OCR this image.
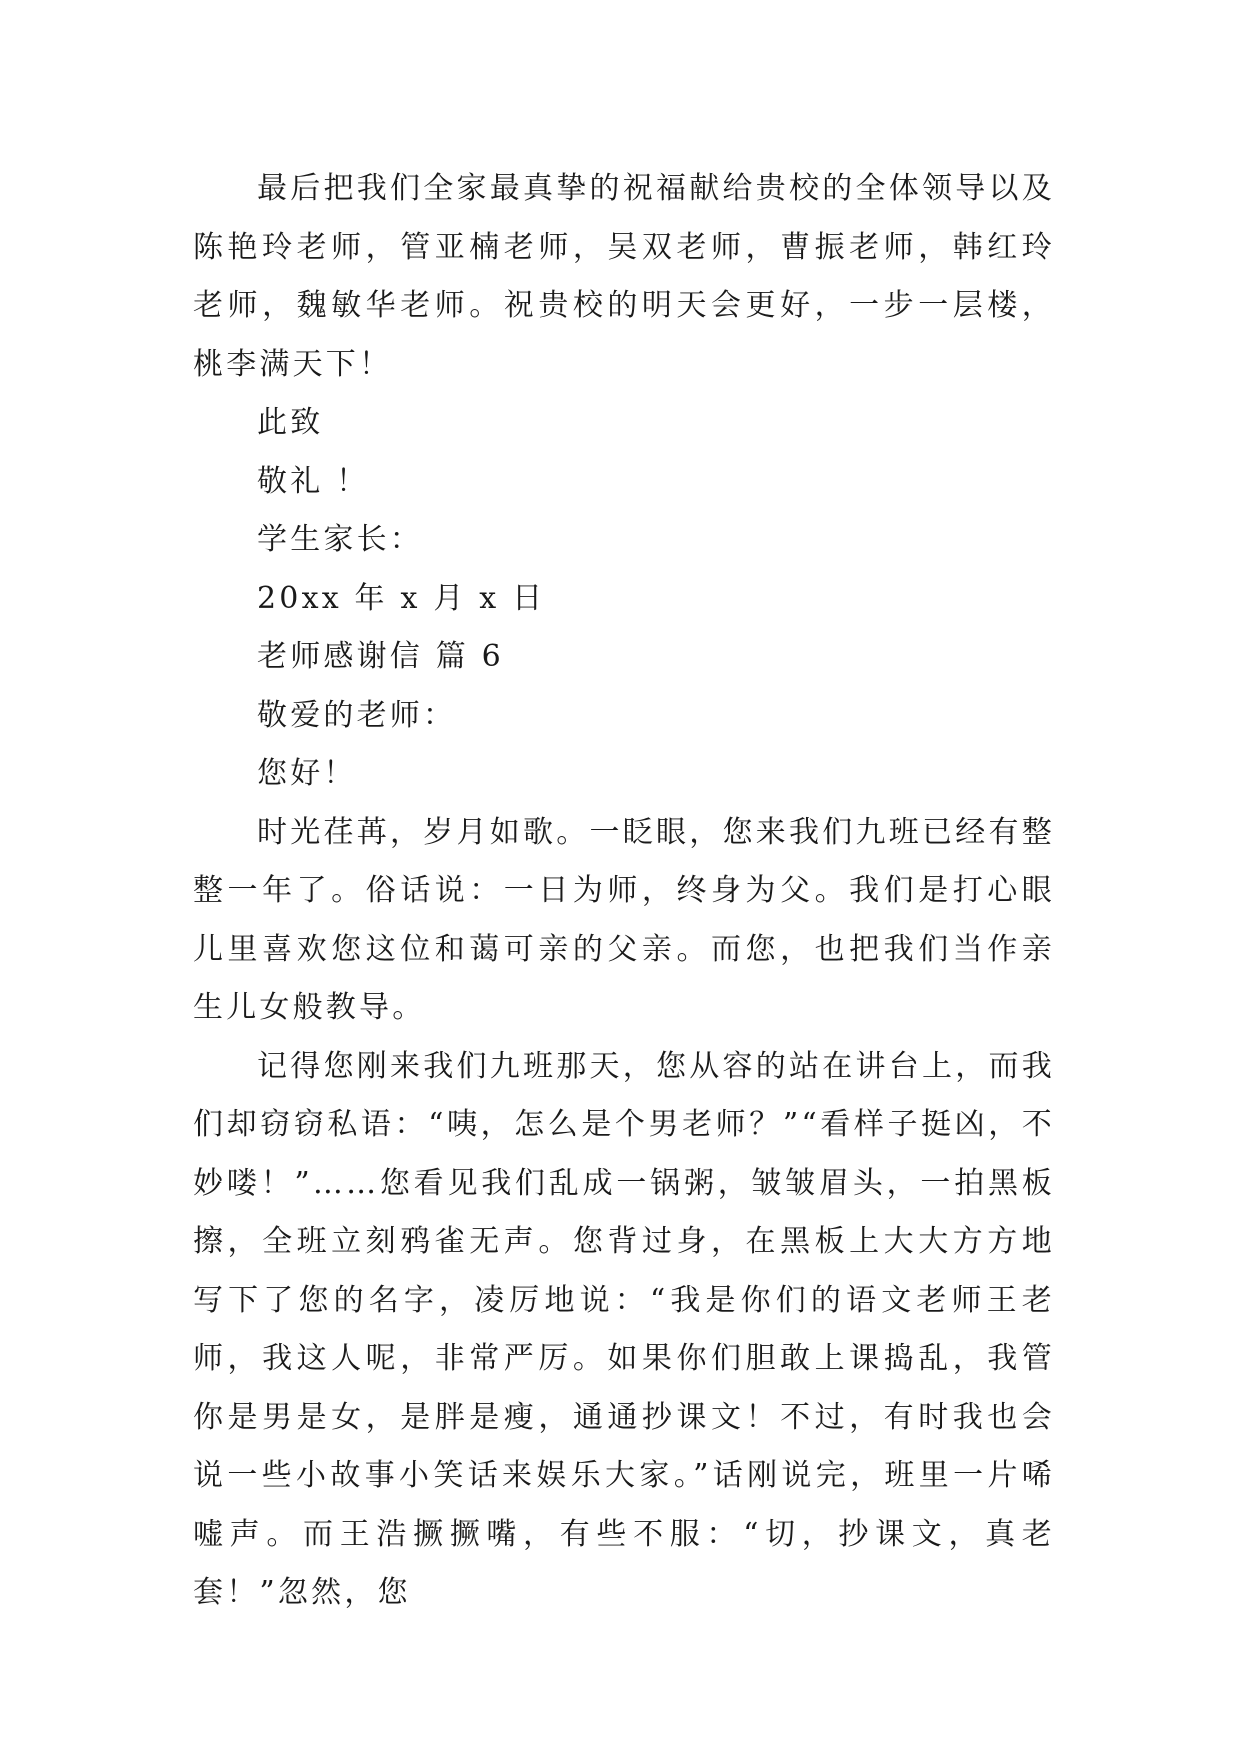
最后把我们全家最真挚的祝福献给贵校的全体领导以及陈艳玲老师，管亚楠老师，吴双老师，曹振老师，韩红玲老师，魏敏华老师。祝贵校的明天会更好，一步一层楼，桃李满天下！

此致

敬礼 ！

学生家长：

20xx 年 x 月 x 日

老师感谢信 篇 6

敬爱的老师：

您好！

时光荏苒，岁月如歌。一眨眼，您来我们九班已经有整整一年了。俗话说：一日为师，终身为父。我们是打心眼儿里喜欢您这位和蔼可亲的父亲。而您，也把我们当作亲生儿女般教导。

记得您刚来我们九班那天，您从容的站在讲台上，而我们却窃窃私语：“咦，怎么是个男老师？”“看样子挺凶，不妙喽！”……您看见我们乱成一锅粥，皱皱眉头，一拍黑板擦，全班立刻鸦雀无声。您背过身，在黑板上大大方方地写下了您的名字，凌厉地说：“我是你们的语文老师王老师，我这人呢，非常严厉。如果你们胆敢上课捣乱，我管你是男是女，是胖是瘦，通通抄课文！不过，有时我也会说一些小故事小笑话来娱乐大家。”话刚说完，班里一片唏嘘声。而王浩撅撅嘴，有些不服：“切，抄课文，真老套！”忽然，您
